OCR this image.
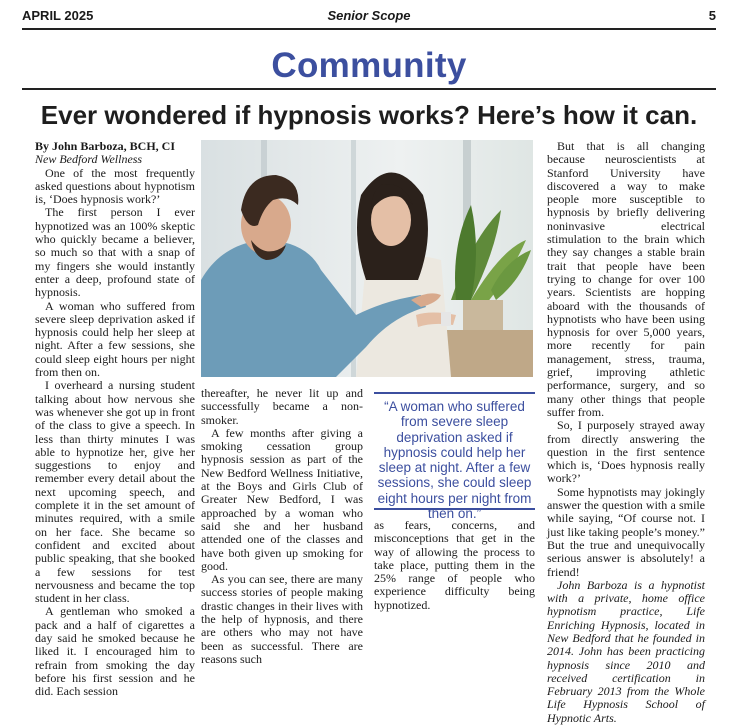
APRIL 2025	Senior Scope	5
Community
Ever wondered if hypnosis works? Here’s how it can.

By John Barboza, BCH, CI

New Bedford Wellness

One of the most frequently asked questions about hypnotism is, ‘Does hypnosis work?’

The first person I ever hypnotized was an 100% skeptic who quickly became a believer, so much so that with a snap of my fingers she would instantly enter a deep, profound state of hypnosis.

A woman who suffered from severe sleep deprivation asked if hypnosis could help her sleep at night. After a few sessions, she could sleep eight hours per night from then on.

I overheard a nursing student talking about how nervous she was whenever she got up in front of the class to give a speech. In less than thirty minutes I was able to hypnotize her, give her suggestions to enjoy and remember every detail about the next upcoming speech, and complete it in the set amount of minutes required, with a smile on her face. She became so confident and excited about public speaking, that she booked a few sessions for test nervousness and became the top student in her class.

A gentleman who smoked a pack and a half of cigarettes a day said he smoked because he liked it. I encouraged him to refrain from smoking the day before his first session and he did. Each session

thereafter, he never lit up and successfully became a non-smoker.

A few months after giving a smoking cessation group hypnosis session as part of the New Bedford Wellness Initiative, at the Boys and Girls Club of Greater New Bedford, I was approached by a woman who said she and her husband attended one of the classes and have both given up smoking for good.

As you can see, there are many success stories of people making drastic changes in their lives with the help of hypnosis, and there are others who may not have been as successful. There are reasons such

“A woman who suffered from severe sleep deprivation asked if hypnosis could help her sleep at night. After a few sessions, she could sleep eight hours per night from then on.”

as fears, concerns, and misconceptions that get in the way of allowing the process to take place, putting them in the 25% range of people who experience difficulty being hypnotized.

But that is all changing because neuroscientists at Stanford University have discovered a way to make people more susceptible to hypnosis by briefly delivering noninvasive electrical stimulation to the brain which they say changes a stable brain trait that people have been trying to change for over 100 years. Scientists are hopping aboard with the thousands of hypnotists who have been using hypnosis for over 5,000 years, more recently for pain management, stress, trauma, grief, improving athletic performance, surgery, and so many other things that people suffer from.

So, I purposely strayed away from directly answering the question in the first sentence which is, ‘Does hypnosis really work?’

Some hypnotists may jokingly answer the question with a smile while saying, “Of course not. I just like taking people’s money.” But the true and unequivocally serious answer is absolutely! a friend!

John Barboza is a hypnotist with a private, home office hypnotism practice, Life Enriching Hypnosis, located in New Bedford that he founded in 2014. John has been practicing hypnosis since 2010 and received certification in February 2013 from the Whole Life Hypnosis School of Hypnotic Arts.
